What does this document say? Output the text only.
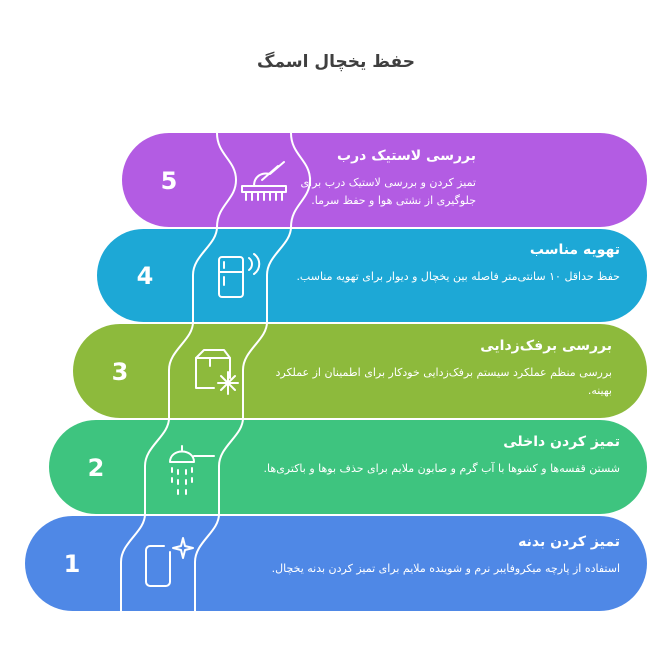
حفظ یخچال اسمگ
5
4
3
2
1
بررسی لاستیک درب
تمیز کردن و بررسی لاستیک درب برای جلوگیری از نشتی هوا و حفظ سرما.
تهویه مناسب
حفظ حداقل ۱۰ سانتی‌متر فاصله بین یخچال و دیوار برای تهویه مناسب.
بررسی برفک‌زدایی
بررسی منظم عملکرد سیستم برفک‌زدایی خودکار برای اطمینان از عملکرد بهینه.
تمیز کردن داخلی
شستن قفسه‌ها و کشوها با آب گرم و صابون ملایم برای حذف بوها و باکتری‌ها.
تمیز کردن بدنه
استفاده از پارچه میکروفایبر نرم و شوینده ملایم برای تمیز کردن بدنه یخچال.
